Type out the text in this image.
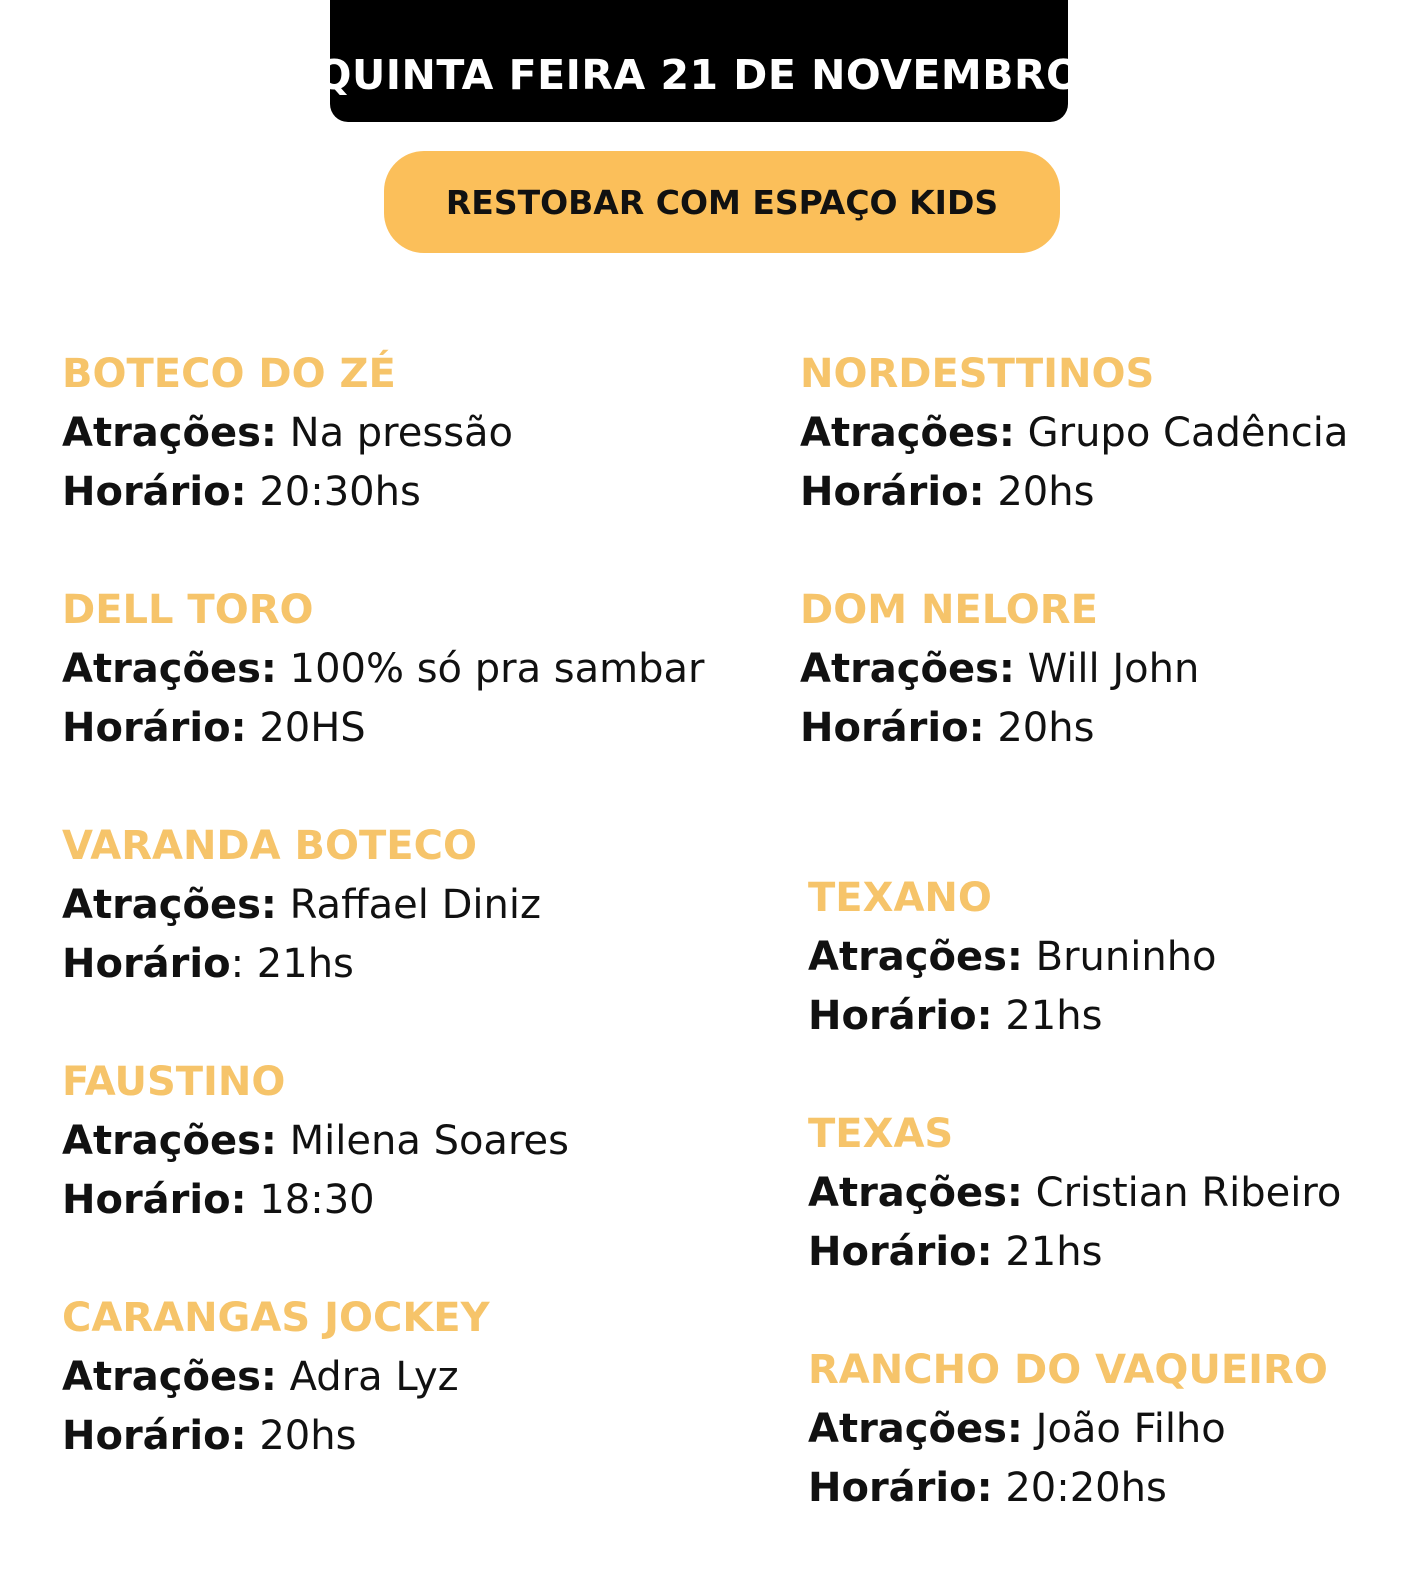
QUINTA FEIRA 21 DE NOVEMBRO
RESTOBAR COM ESPAÇO KIDS
BOTECO DO ZÉ
Atrações: Na pressão
Horário: 20:30hs
DELL TORO
Atrações: 100% só pra sambar
Horário: 20HS
VARANDA BOTECO
Atrações: Raffael Diniz
Horário: 21hs
FAUSTINO
Atrações: Milena Soares
Horário: 18:30
CARANGAS JOCKEY
Atrações: Adra Lyz
Horário: 20hs
NORDESTTINOS
Atrações: Grupo Cadência
Horário: 20hs
DOM NELORE
Atrações: Will John
Horário: 20hs
TEXANO
Atrações: Bruninho
Horário: 21hs
TEXAS
Atrações: Cristian Ribeiro
Horário: 21hs
RANCHO DO VAQUEIRO
Atrações: João Filho
Horário: 20:20hs
